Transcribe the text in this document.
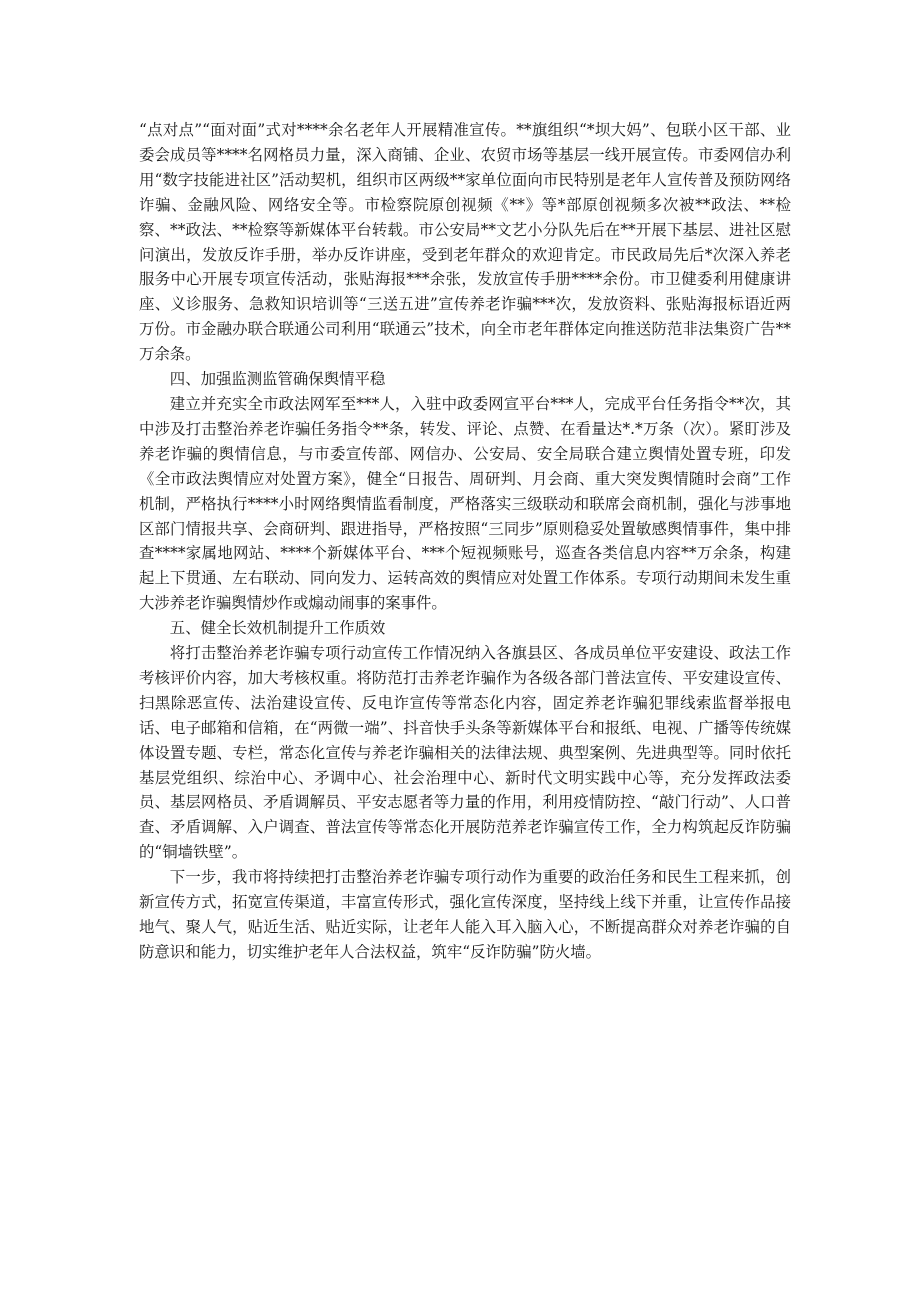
“点对点”“面对面”式对****余名老年人开展精准宣传。**旗组织“*坝大妈”、包联小区干部、业委会成员等****名网格员力量，深入商铺、企业、农贸市场等基层一线开展宣传。市委网信办利用“数字技能进社区”活动契机，组织市区两级**家单位面向市民特别是老年人宣传普及预防网络诈骗、金融风险、网络安全等。市检察院原创视频《**》等*部原创视频多次被**政法、**检察、**政法、**检察等新媒体平台转载。市公安局**文艺小分队先后在**开展下基层、进社区慰问演出，发放反诈手册，举办反诈讲座，受到老年群众的欢迎肯定。市民政局先后*次深入养老服务中心开展专项宣传活动，张贴海报***余张，发放宣传手册****余份。市卫健委利用健康讲座、义诊服务、急救知识培训等“三送五进”宣传养老诈骗***次，发放资料、张贴海报标语近两万份。市金融办联合联通公司利用“联通云”技术，向全市老年群体定向推送防范非法集资广告**万余条。

四、加强监测监管确保舆情平稳

建立并充实全市政法网军至***人，入驻中政委网宣平台***人，完成平台任务指令**次，其中涉及打击整治养老诈骗任务指令**条，转发、评论、点赞、在看量达*.*万条（次）。紧盯涉及养老诈骗的舆情信息，与市委宣传部、网信办、公安局、安全局联合建立舆情处置专班，印发《全市政法舆情应对处置方案》，健全“日报告、周研判、月会商、重大突发舆情随时会商”工作机制，严格执行****小时网络舆情监看制度，严格落实三级联动和联席会商机制，强化与涉事地区部门情报共享、会商研判、跟进指导，严格按照“三同步”原则稳妥处置敏感舆情事件，集中排查****家属地网站、****个新媒体平台、***个短视频账号，巡查各类信息内容**万余条，构建起上下贯通、左右联动、同向发力、运转高效的舆情应对处置工作体系。专项行动期间未发生重大涉养老诈骗舆情炒作或煽动闹事的案事件。

五、健全长效机制提升工作质效

将打击整治养老诈骗专项行动宣传工作情况纳入各旗县区、各成员单位平安建设、政法工作考核评价内容，加大考核权重。将防范打击养老诈骗作为各级各部门普法宣传、平安建设宣传、扫黑除恶宣传、法治建设宣传、反电诈宣传等常态化内容，固定养老诈骗犯罪线索监督举报电话、电子邮箱和信箱，在“两微一端”、抖音快手头条等新媒体平台和报纸、电视、广播等传统媒体设置专题、专栏，常态化宣传与养老诈骗相关的法律法规、典型案例、先进典型等。同时依托基层党组织、综治中心、矛调中心、社会治理中心、新时代文明实践中心等，充分发挥政法委员、基层网格员、矛盾调解员、平安志愿者等力量的作用，利用疫情防控、“敲门行动”、人口普查、矛盾调解、入户调查、普法宣传等常态化开展防范养老诈骗宣传工作，全力构筑起反诈防骗的“铜墙铁壁”。

下一步，我市将持续把打击整治养老诈骗专项行动作为重要的政治任务和民生工程来抓，创新宣传方式，拓宽宣传渠道，丰富宣传形式，强化宣传深度，坚持线上线下并重，让宣传作品接地气、聚人气，贴近生活、贴近实际，让老年人能入耳入脑入心，不断提高群众对养老诈骗的自防意识和能力，切实维护老年人合法权益，筑牢“反诈防骗”防火墙。
